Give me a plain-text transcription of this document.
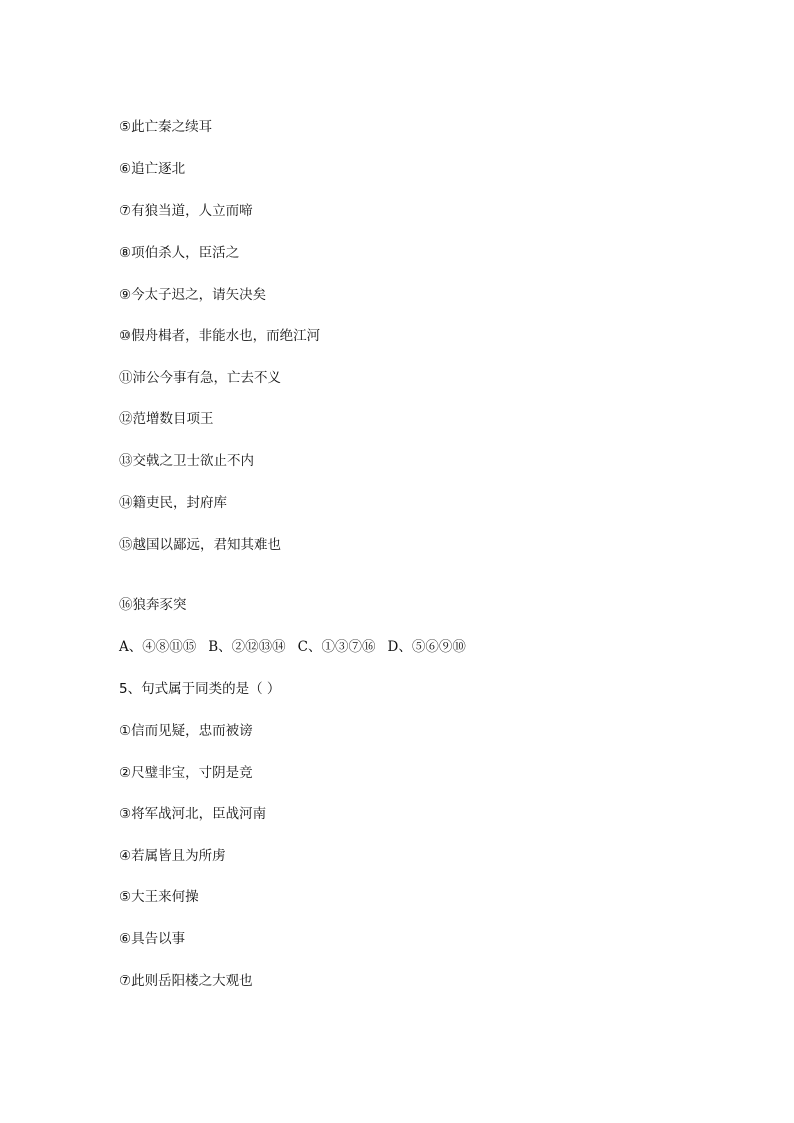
⑤此亡秦之续耳
⑥追亡逐北
⑦有狼当道，人立而啼
⑧项伯杀人，臣活之
⑨今太子迟之，请矢决矣
⑩假舟楫者，非能水也，而绝江河
⑪沛公今事有急，亡去不义
⑫范增数目项王
⑬交戟之卫士欲止不内
⑭籍吏民，封府库
⑮越国以鄙远，君知其难也
⑯狼奔豕突
A、④⑧⑪⑮ B、②⑫⑬⑭ C、①③⑦⑯ D、⑤⑥⑨⑩
5、句式属于同类的是（ ）
①信而见疑，忠而被谤
②尺璧非宝，寸阴是竞
③将军战河北，臣战河南
④若属皆且为所虏
⑤大王来何操
⑥具告以事
⑦此则岳阳楼之大观也
